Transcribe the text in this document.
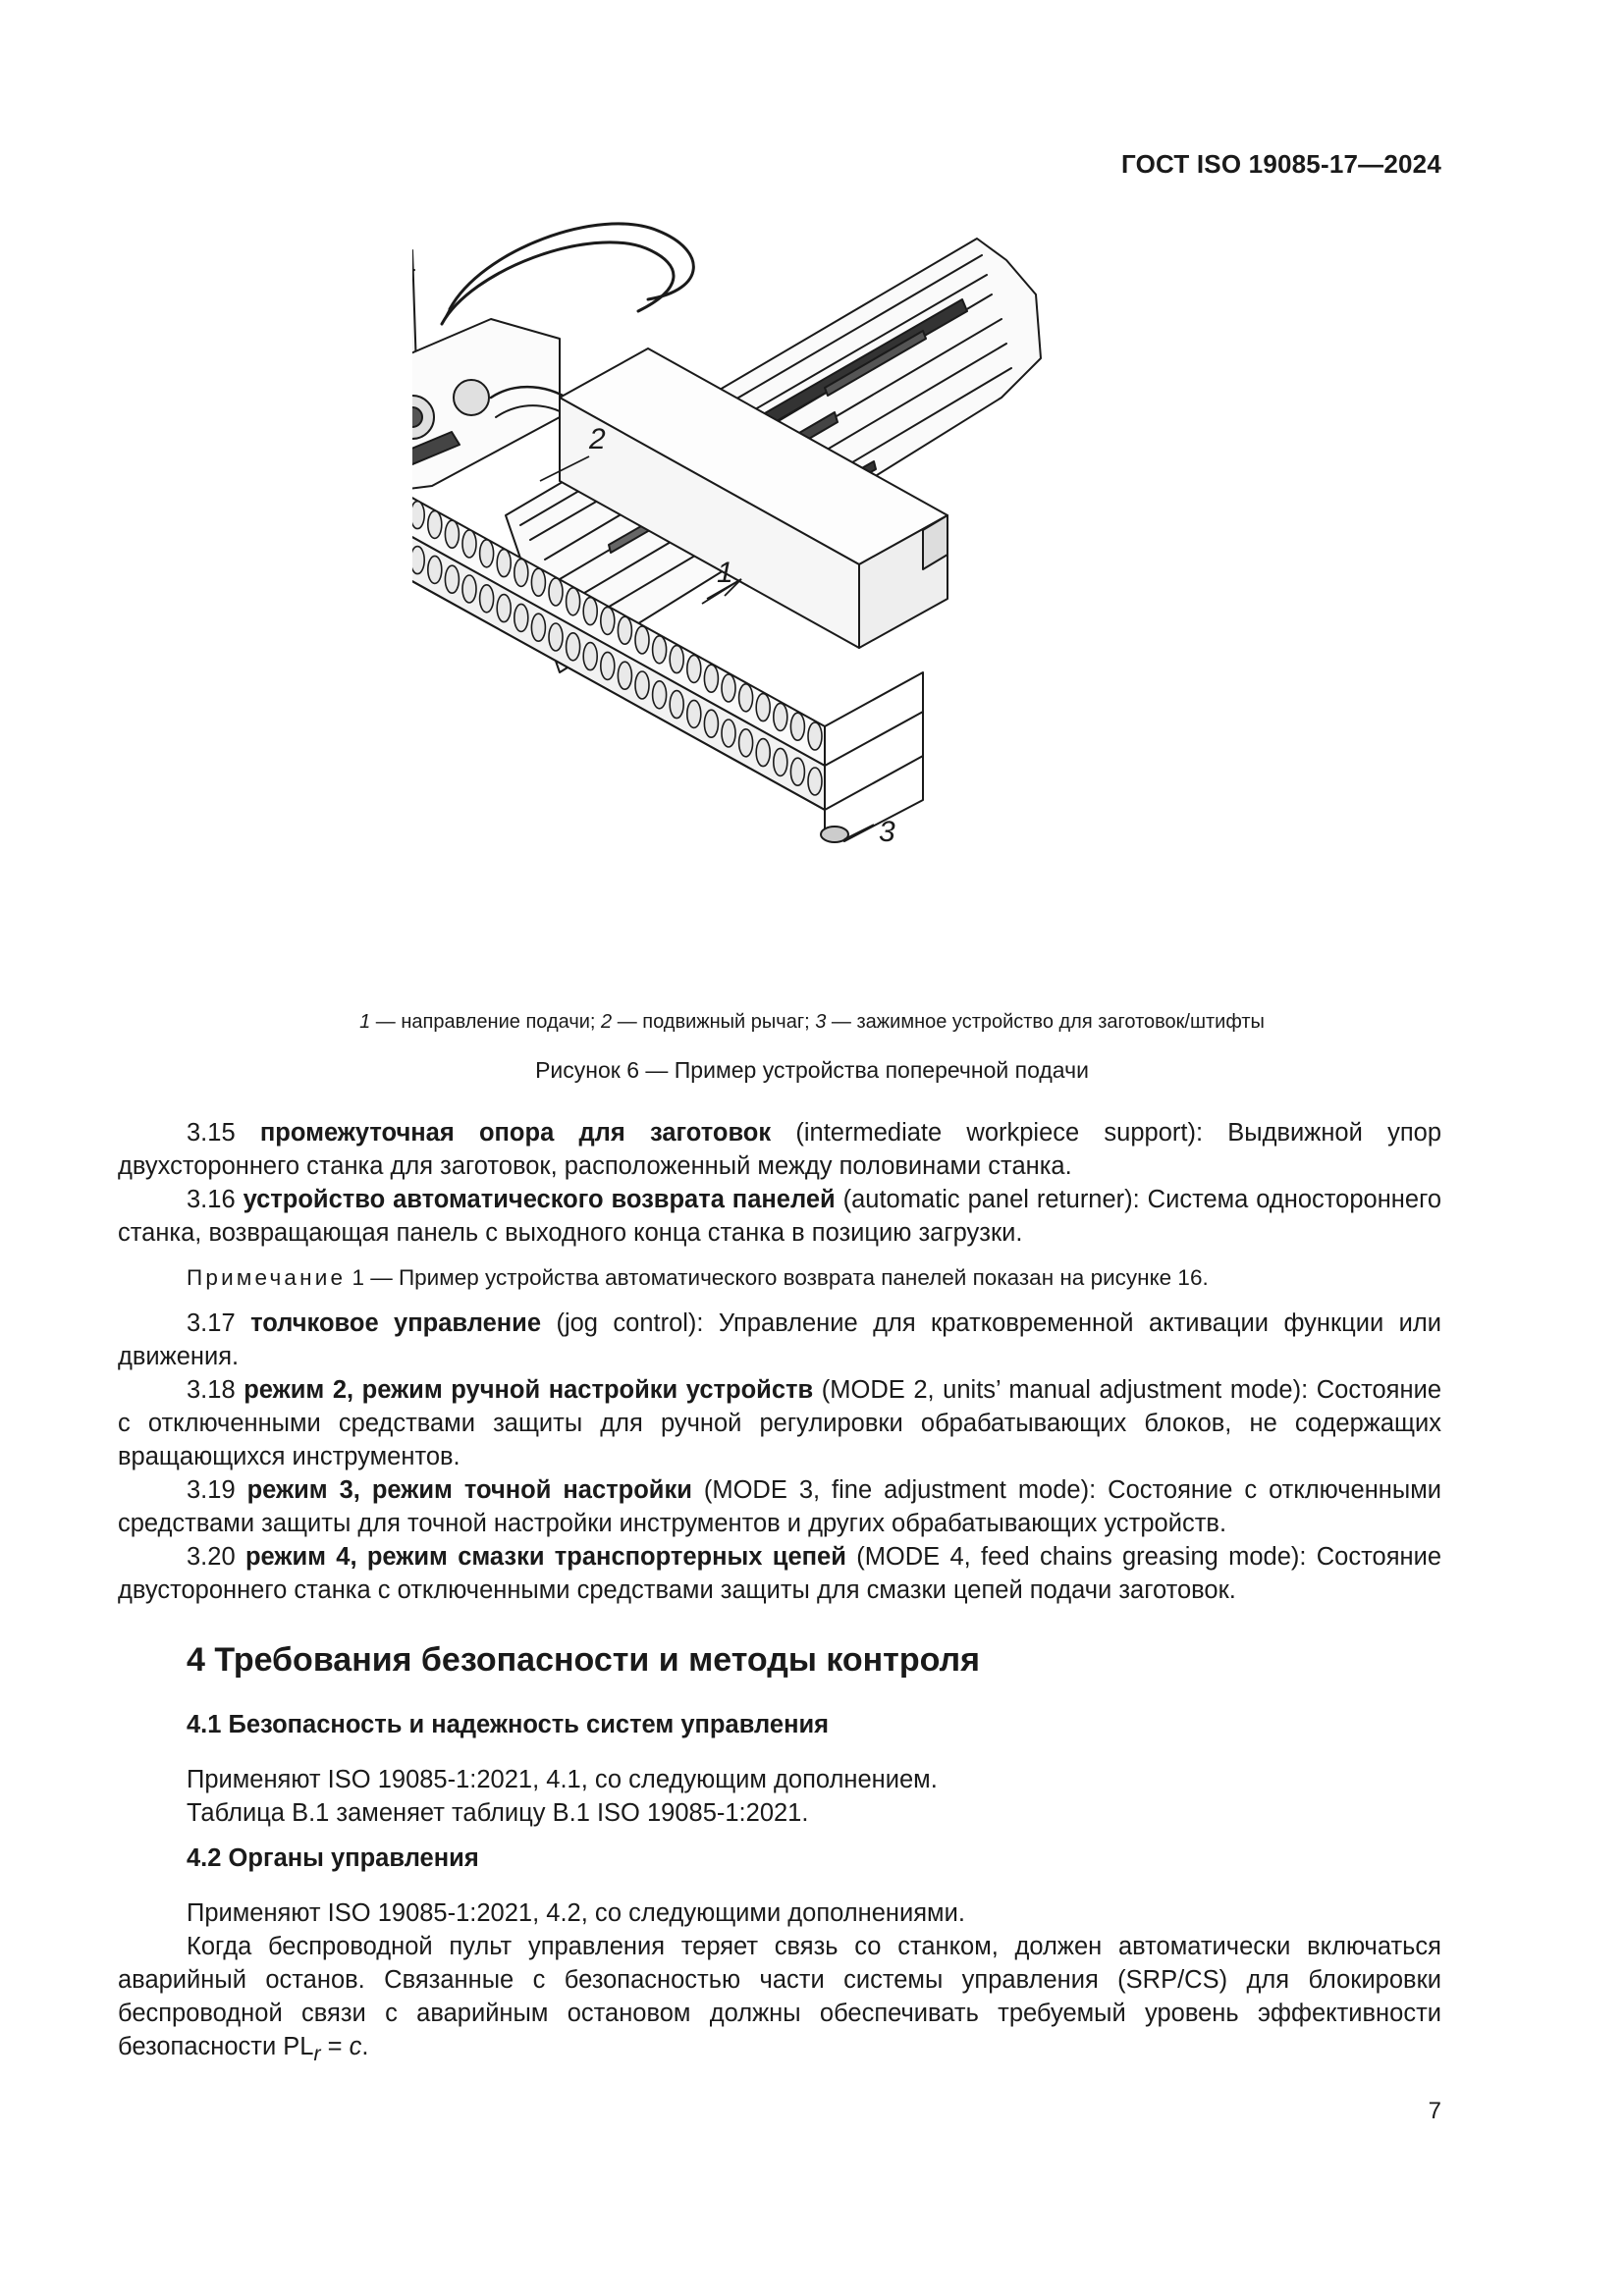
ГОСТ ISO 19085-17—2024
2
1
3
1 — направление подачи; 2 — подвижный рычаг; 3 — зажимное устройство для заготовок/штифты
Рисунок 6 — Пример устройства поперечной подачи

3.15 промежуточная опора для заготовок (intermediate workpiece support): Выдвижной упор двухстороннего станка для заготовок, расположенный между половинами станка.

3.16 устройство автоматического возврата панелей (automatic panel returner): Система одностороннего станка, возвращающая панель с выходного конца станка в позицию загрузки.

Примечание 1 — Пример устройства автоматического возврата панелей показан на рисунке 16.

3.17 толчковое управление (jog control): Управление для кратковременной активации функции или движения.

3.18 режим 2, режим ручной настройки устройств (MODE 2, units’ manual adjustment mode): Состояние с отключенными средствами защиты для ручной регулировки обрабатывающих блоков, не содержащих вращающихся инструментов.

3.19 режим 3, режим точной настройки (MODE 3, fine adjustment mode): Состояние с отключенными средствами защиты для точной настройки инструментов и других обрабатывающих устройств.

3.20 режим 4, режим смазки транспортерных цепей (MODE 4, feed chains greasing mode): Состояние двустороннего станка с отключенными средствами защиты для смазки цепей подачи заготовок.

4 Требования безопасности и методы контроля

4.1 Безопасность и надежность систем управления

Применяют ISO 19085-1:2021, 4.1, со следующим дополнением.

Таблица В.1 заменяет таблицу В.1 ISO 19085-1:2021.

4.2 Органы управления

Применяют ISO 19085-1:2021, 4.2, со следующими дополнениями.

Когда беспроводной пульт управления теряет связь со станком, должен автоматически включаться аварийный останов. Связанные с безопасностью части системы управления (SRP/CS) для блокировки беспроводной связи с аварийным остановом должны обеспечивать требуемый уровень эффективности безопасности $PL_r = c$.

7
